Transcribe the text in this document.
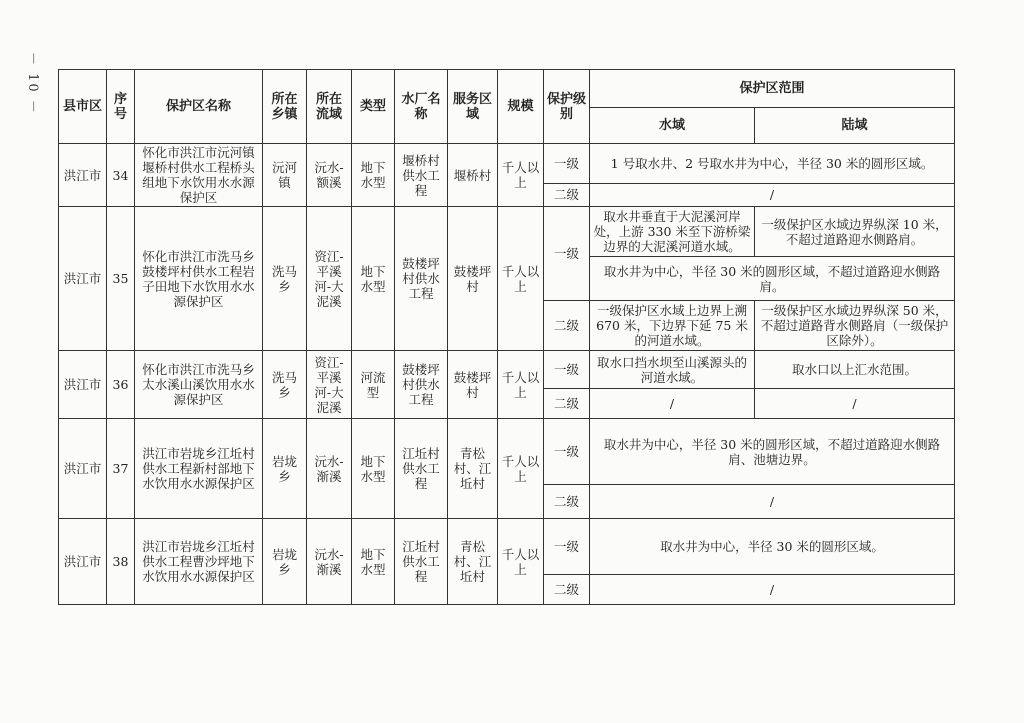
－ 10 － 县市区	序号	保护区名称	所在乡镇	所在流域	类型	水厂名称	服务区域	规模	保护级别	保护区范围	
										水域	陆域
洪江市	34	怀化市洪江市沅河镇堰桥村供水工程桥头组地下水饮用水水源保护区	沅河镇	沅水-额溪	地下水型	堰桥村供水工程	堰桥村	千人以上	一级	1 号取水井、2 号取水井为中心，半径 30 米的圆形区域。	
									二级	/	
洪江市	35	怀化市洪江市洗马乡鼓楼坪村供水工程岩子田地下水饮用水水源保护区	洗马乡	资江-平溪河-大泥溪	地下水型	鼓楼坪村供水工程	鼓楼坪村	千人以上	一级	取水井垂直于大泥溪河岸处，上游 330 米至下游桥梁边界的大泥溪河道水域。	一级保护区水域边界纵深 10 米，不超过道路迎水侧路肩。
										取水井为中心，半径 30 米的圆形区域，不超过道路迎水侧路肩。	
									二级	一级保护区水域上边界上溯 670 米，下边界下延 75 米的河道水域。	一级保护区水域边界纵深 50 米，不超过道路背水侧路肩（一级保护区除外）。
洪江市	36	怀化市洪江市洗马乡太水溪山溪饮用水水源保护区	洗马乡	资江-平溪河-大泥溪	河流型	鼓楼坪村供水工程	鼓楼坪村	千人以上	一级	取水口挡水坝至山溪源头的河道水域。	取水口以上汇水范围。
									二级	/	/
洪江市	37	洪江市岩垅乡江坵村供水工程新村部地下水饮用水水源保护区	岩垅乡	沅水-渐溪	地下水型	江坵村供水工程	青松村、江坵村	千人以上	一级	取水井为中心，半径 30 米的圆形区域，不超过道路迎水侧路肩、池塘边界。	
									二级	/	
洪江市	38	洪江市岩垅乡江坵村供水工程曹沙坪地下水饮用水水源保护区	岩垅乡	沅水-渐溪	地下水型	江坵村供水工程	青松村、江坵村	千人以上	一级	取水井为中心，半径 30 米的圆形区域。	
									二级	/	
